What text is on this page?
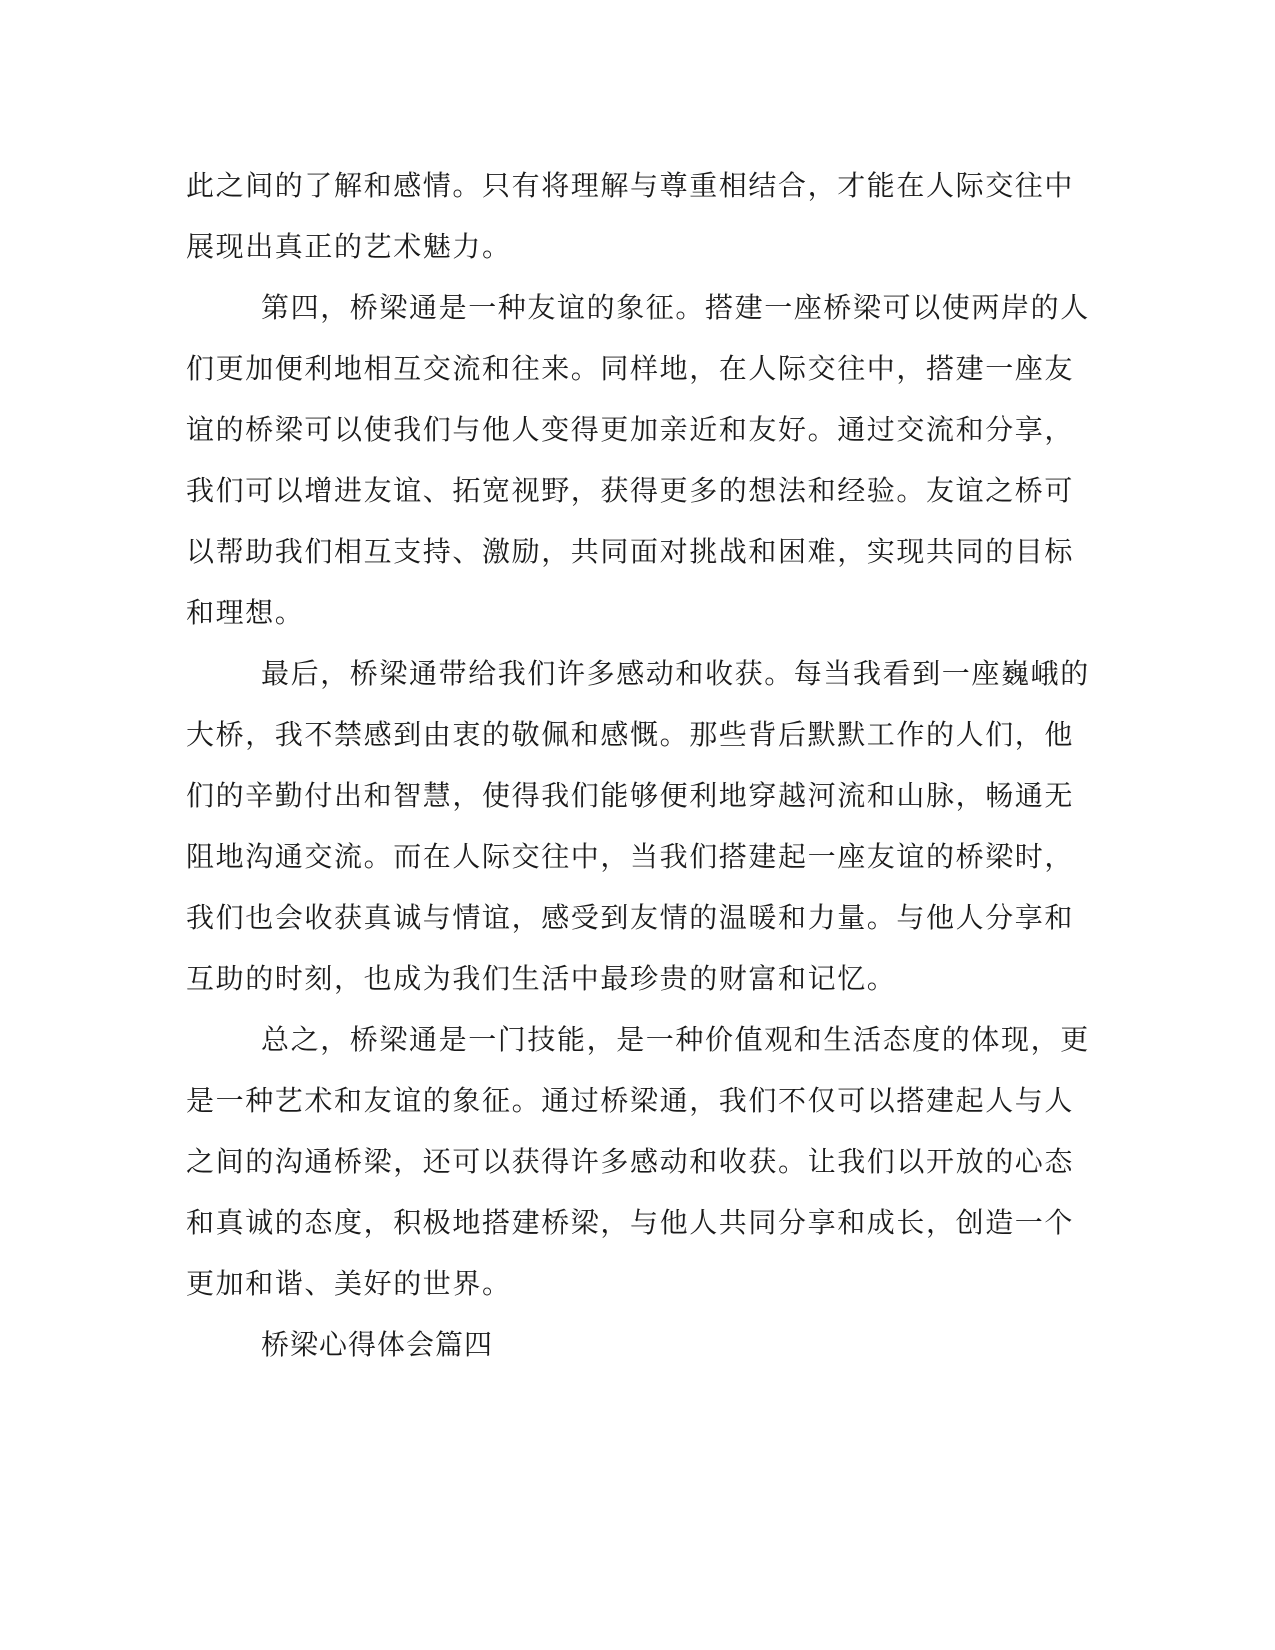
此之间的了解和感情。只有将理解与尊重相结合，才能在人际交往中

展现出真正的艺术魅力。

第四，桥梁通是一种友谊的象征。搭建一座桥梁可以使两岸的人

们更加便利地相互交流和往来。同样地，在人际交往中，搭建一座友

谊的桥梁可以使我们与他人变得更加亲近和友好。通过交流和分享，

我们可以增进友谊、拓宽视野，获得更多的想法和经验。友谊之桥可

以帮助我们相互支持、激励，共同面对挑战和困难，实现共同的目标

和理想。

最后，桥梁通带给我们许多感动和收获。每当我看到一座巍峨的

大桥，我不禁感到由衷的敬佩和感慨。那些背后默默工作的人们，他

们的辛勤付出和智慧，使得我们能够便利地穿越河流和山脉，畅通无

阻地沟通交流。而在人际交往中，当我们搭建起一座友谊的桥梁时，

我们也会收获真诚与情谊，感受到友情的温暖和力量。与他人分享和

互助的时刻，也成为我们生活中最珍贵的财富和记忆。

总之，桥梁通是一门技能，是一种价值观和生活态度的体现，更

是一种艺术和友谊的象征。通过桥梁通，我们不仅可以搭建起人与人

之间的沟通桥梁，还可以获得许多感动和收获。让我们以开放的心态

和真诚的态度，积极地搭建桥梁，与他人共同分享和成长，创造一个

更加和谐、美好的世界。

桥梁心得体会篇四
